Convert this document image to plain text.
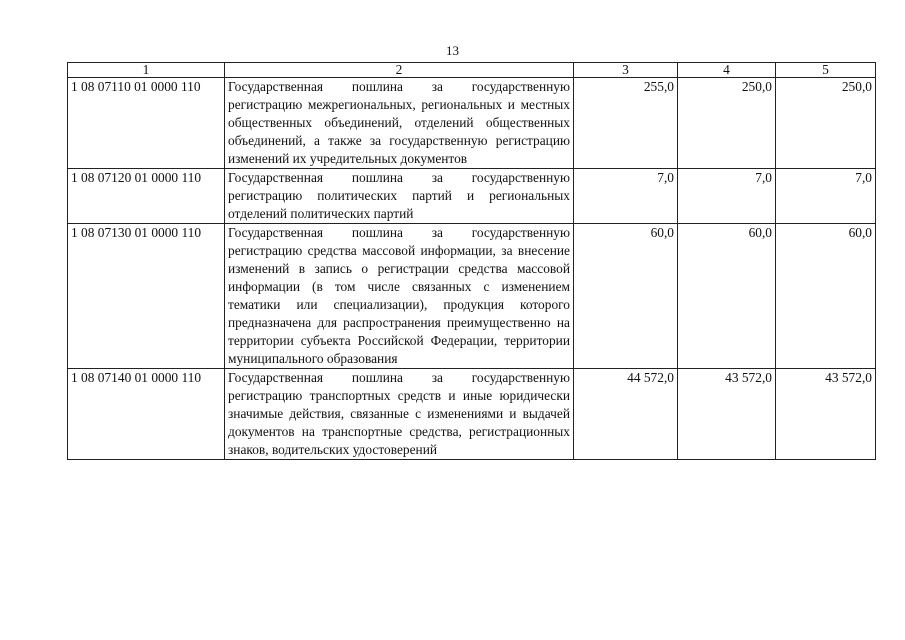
13
1	2	3	4	5
1 08 07110 01 0000 110	Государственная пошлина за государственную регистрацию межрегиональных, региональных и местных общественных объединений, отделений общественных объединений, а также за государственную регистрацию изменений их учредительных документов	255,0	250,0	250,0
1 08 07120 01 0000 110	Государственная пошлина за государственную регистрацию политических партий и региональных отделений политических партий	7,0	7,0	7,0
1 08 07130 01 0000 110	Государственная пошлина за государственную регистрацию средства массовой информации, за внесение изменений в запись о регистрации средства массовой информации (в том числе связанных с изменением тематики или специализации), продукция которого предназначена для распространения преимущественно на территории субъекта Российской Федерации, территории муниципального образования	60,0	60,0	60,0
1 08 07140 01 0000 110	Государственная пошлина за государственную регистрацию транспортных средств и иные юридически значимые действия, связанные с изменениями и выдачей документов на транспортные средства, регистрационных знаков, водительских удостоверений	44 572,0	43 572,0	43 572,0
